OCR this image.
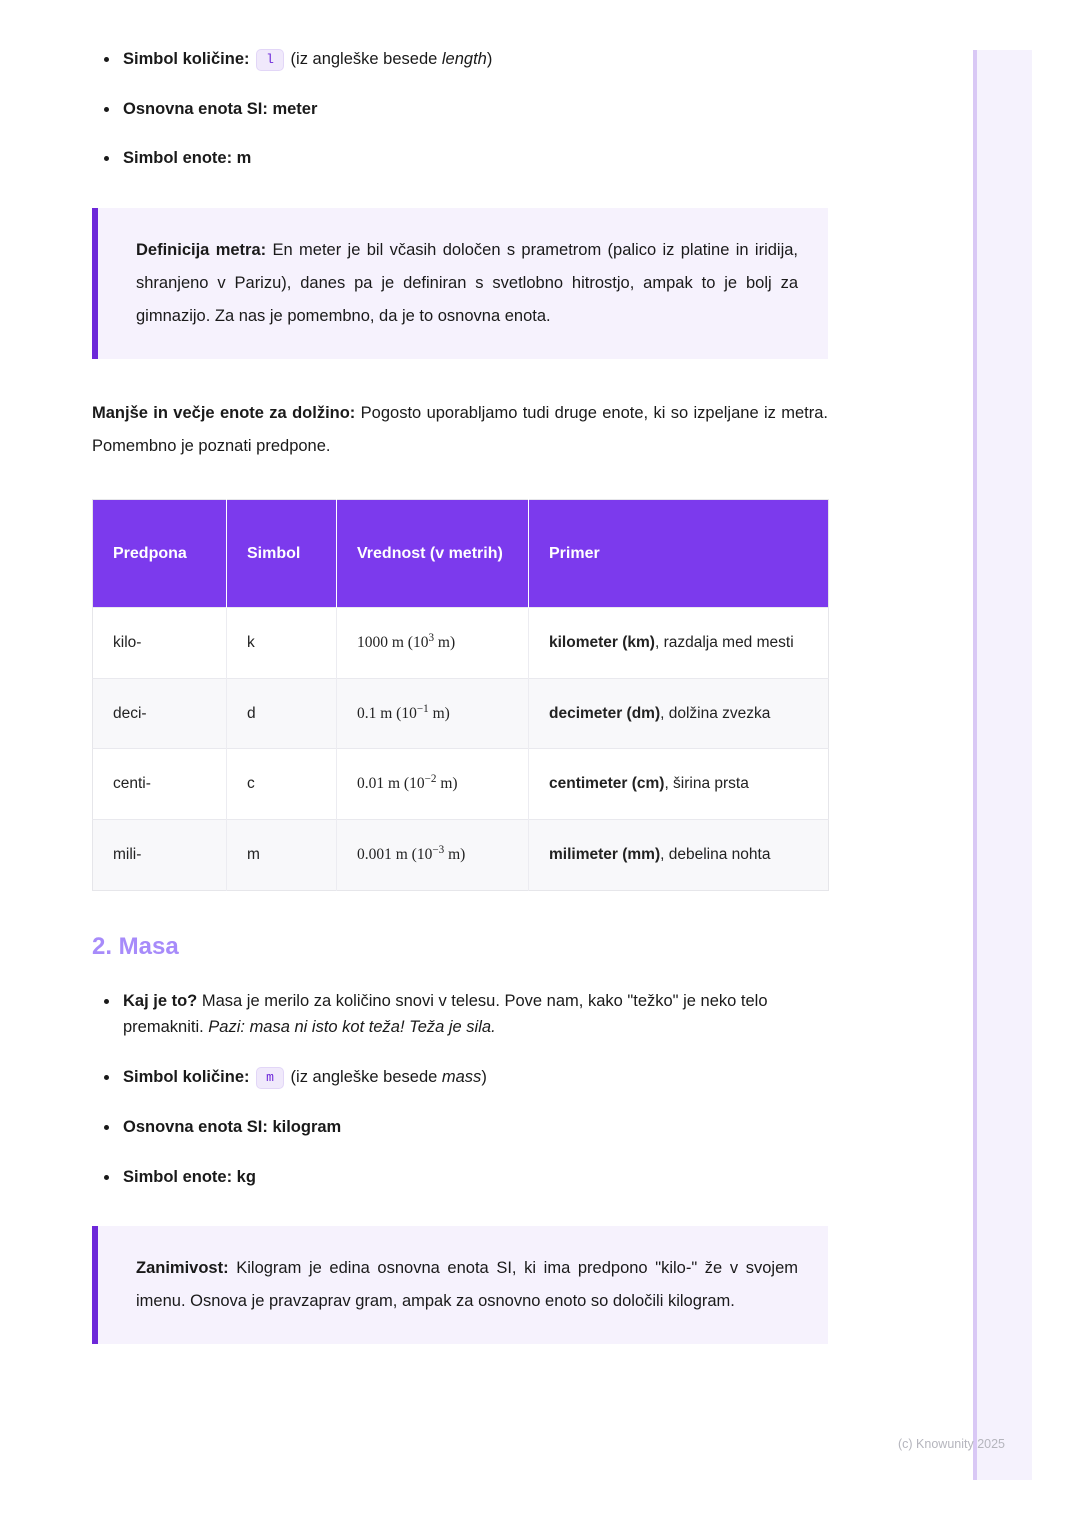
Simbol količine: l (iz angleške besede length)
Osnovna enota SI: meter
Simbol enote: m
Definicija metra: En meter je bil včasih določen s prametrom (palico iz platine in iridija, shranjeno v Parizu), danes pa je definiran s svetlobno hitrostjo, ampak to je bolj za gimnazijo. Za nas je pomembno, da je to osnovna enota.

Manjše in večje enote za dolžino: Pogosto uporabljamo tudi druge enote, ki so izpeljane iz metra. Pomembno je poznati predpone.

Predpona	Simbol	Vrednost (v metrih)	Primer
kilo-	k	1000 m ($10^3$ m)	kilometer (km), razdalja med mesti
deci-	d	0.1 m ($10^{-1}$ m)	decimeter (dm), dolžina zvezka
centi-	c	0.01 m ($10^{-2}$ m)	centimeter (cm), širina prsta
mili-	m	0.001 m ($10^{-3}$ m)	milimeter (mm), debelina nohta
2. Masa
Kaj je to? Masa je merilo za količino snovi v telesu. Pove nam, kako "težko" je neko telo premakniti. Pazi: masa ni isto kot teža! Teža je sila.
Simbol količine: m (iz angleške besede mass)
Osnovna enota SI: kilogram
Simbol enote: kg
Zanimivost: Kilogram je edina osnovna enota SI, ki ima predpono "kilo-" že v svojem imenu. Osnova je pravzaprav gram, ampak za osnovno enoto so določili kilogram.
(c) Knowunity 2025
